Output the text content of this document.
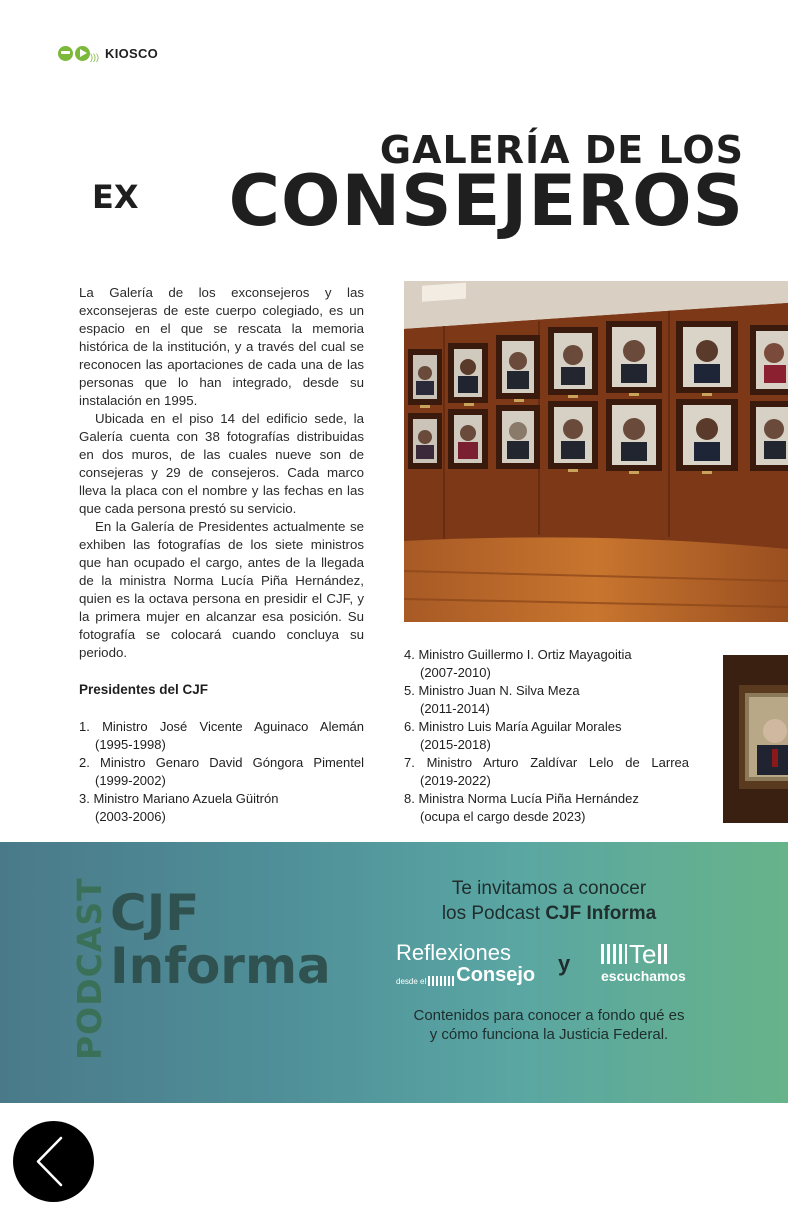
))) KIOSCO
GALERÍA DE LOS
EX CONSEJEROS

La Galería de los exconsejeros y las exconsejeras de este cuerpo colegiado, es un espacio en el que se rescata la memoria histórica de la institución, y a través del cual se reconocen las aportaciones de cada una de las personas que lo han integrado, desde su instalación en 1995.

Ubicada en el piso 14 del edificio sede, la Galería cuenta con 38 fotografías distribuidas en dos muros, de las cuales nueve son de consejeras y 29 de consejeros. Cada marco lleva la placa con el nombre y las fechas en las que cada persona prestó su servicio.

En la Galería de Presidentes actualmente se exhiben las fotografías de los siete ministros que han ocupado el cargo, antes de la llegada de la ministra Norma Lucía Piña Hernández, quien es la octava persona en presidir el CJF, y la primera mujer en alcanzar esa posición. Su fotografía se colocará cuando concluya su periodo.

Presidentes del CJF
1. Ministro José Vicente Aguinaco Alemán
(1995-1998)
2. Ministro Genaro David Góngora Pimentel
(1999-2002)
3. Ministro Mariano Azuela Güitrón
(2003-2006)
4. Ministro Guillermo I. Ortiz Mayagoitia
(2007-2010)
5. Ministro Juan N. Silva Meza
(2011-2014)
6. Ministro Luis María Aguilar Morales
(2015-2018)
7. Ministro Arturo Zaldívar Lelo de Larrea
(2019-2022)
8. Ministra Norma Lucía Piña Hernández
(ocupa el cargo desde 2023)
PODCAST CJF
Informa
Te invitamos a conocer
los Podcast CJF Informa
Reflexiones
desde el Consejo y Te
escuchamos
Contenidos para conocer a fondo qué es
y cómo funciona la Justicia Federal.
